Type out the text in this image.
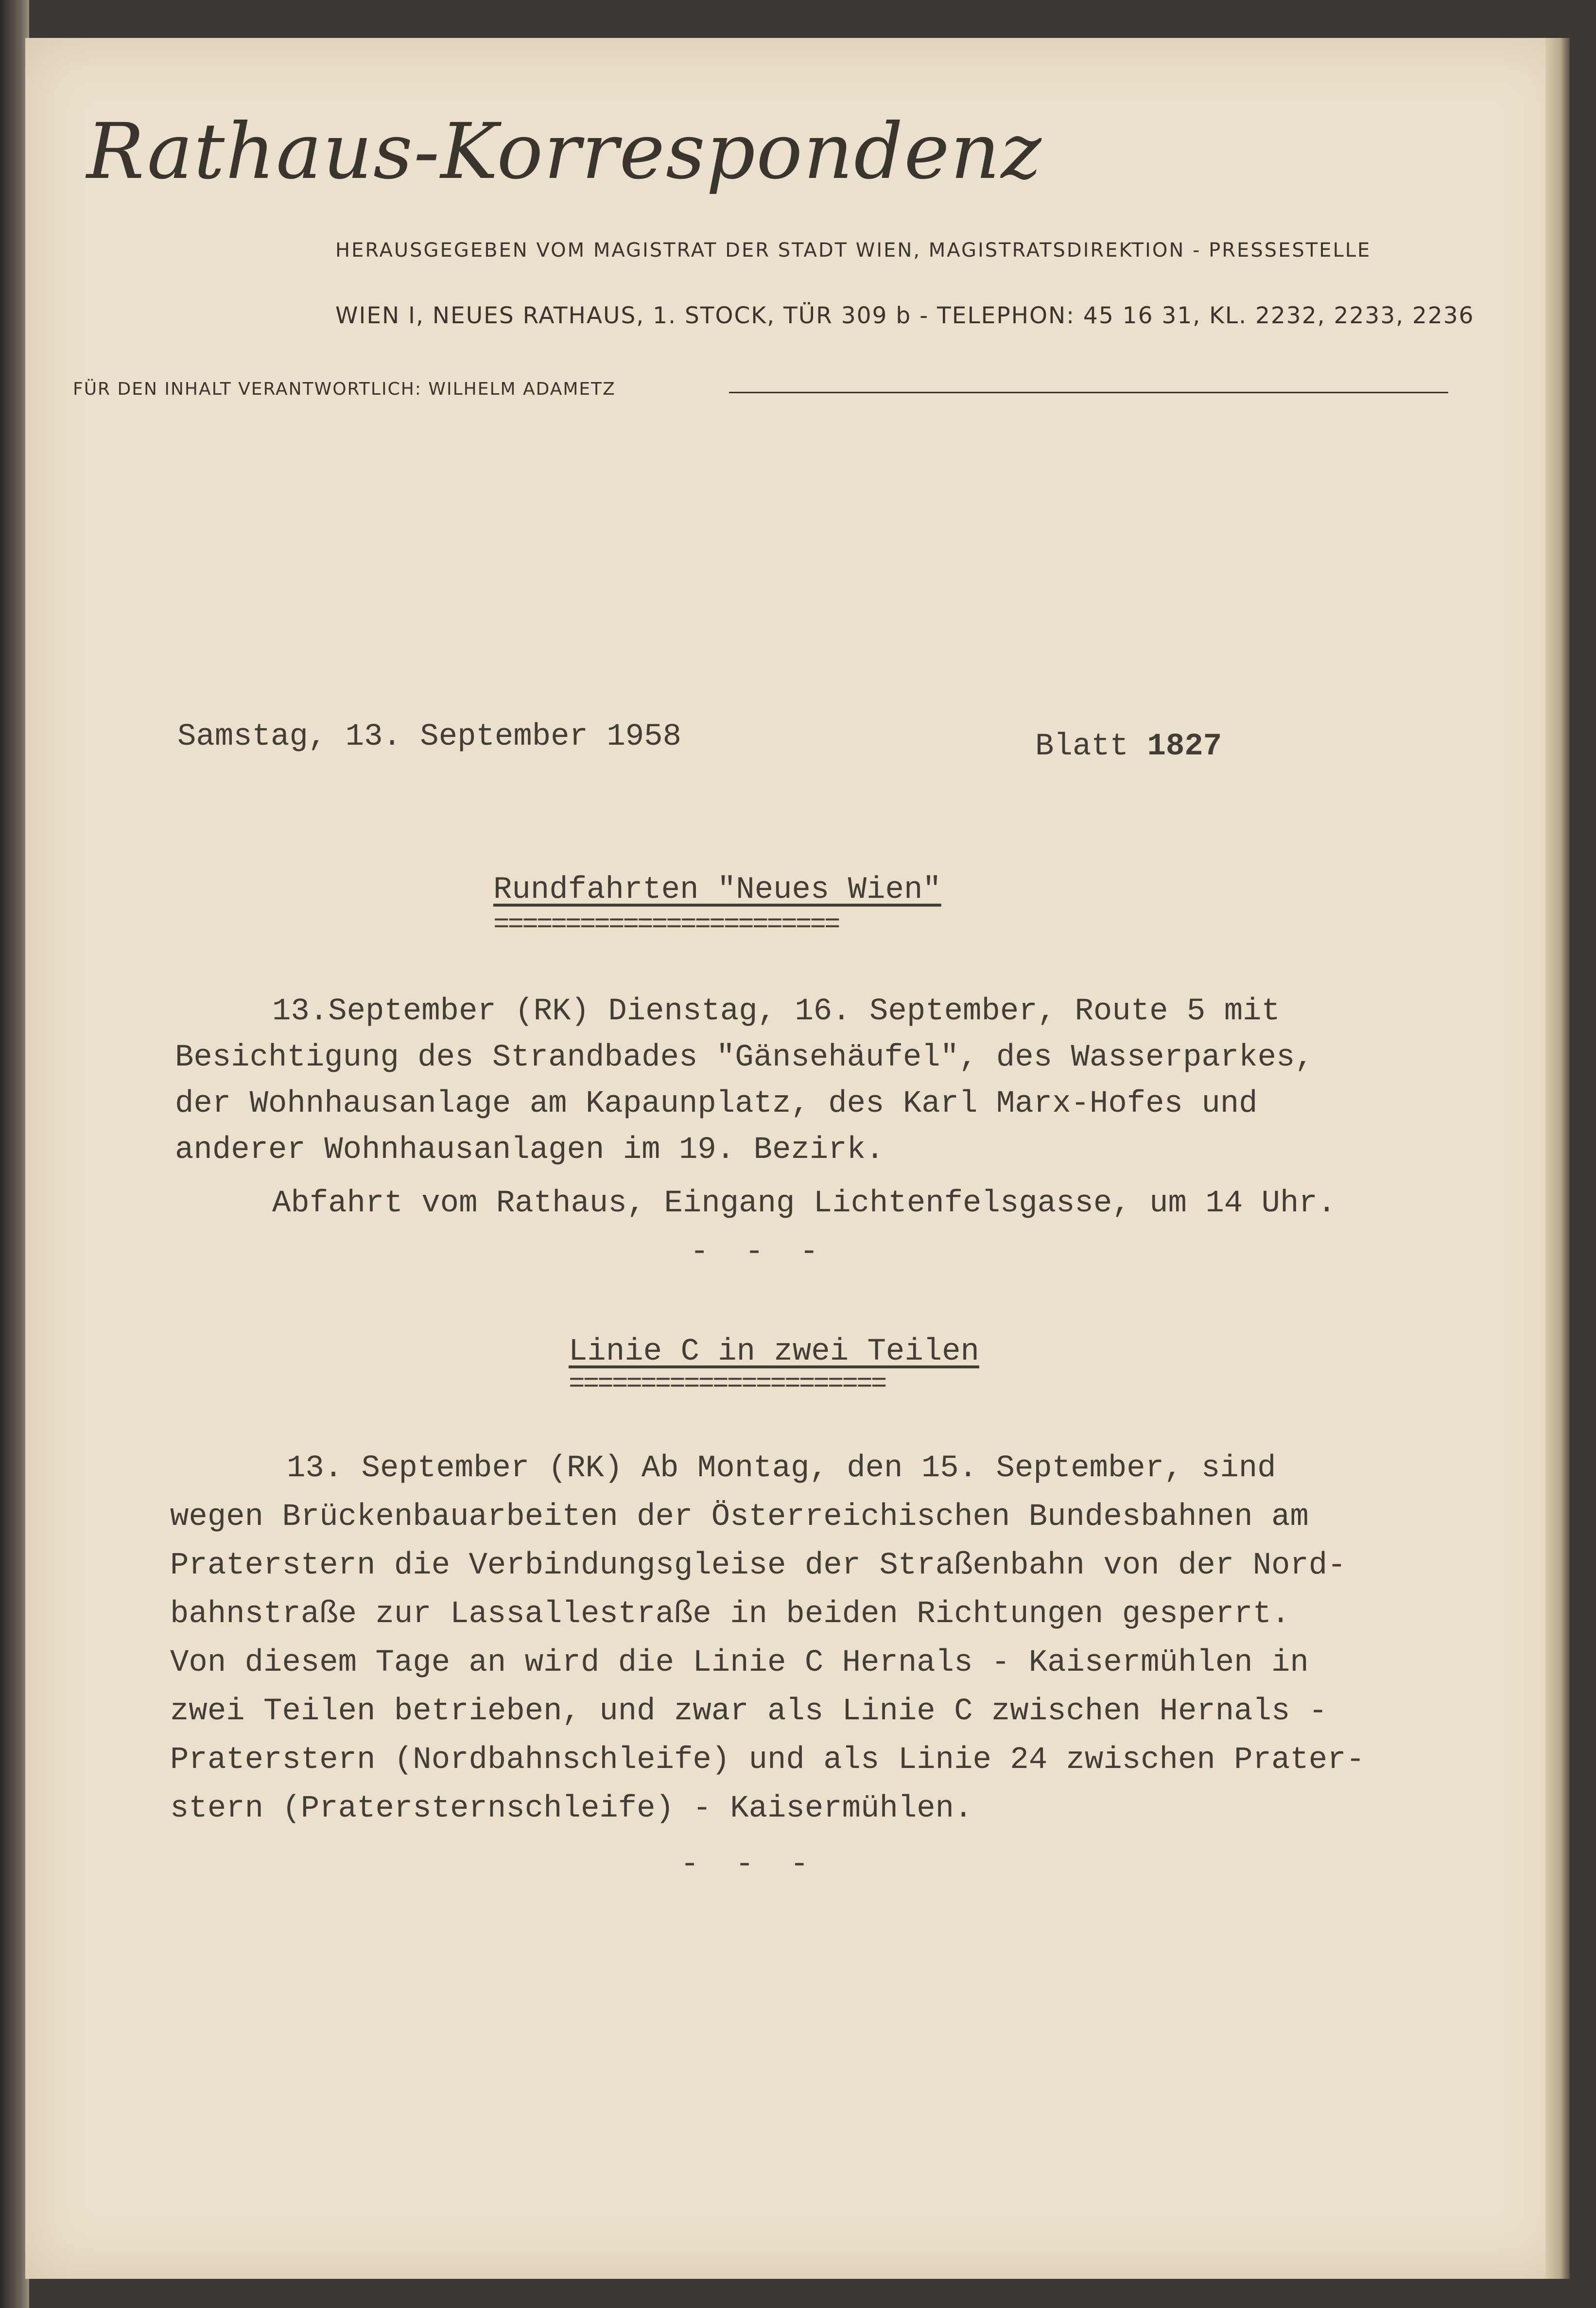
Rathaus-Korrespondenz
HERAUSGEGEBEN VOM MAGISTRAT DER STADT WIEN, MAGISTRATSDIREKTION - PRESSESTELLE
WIEN I, NEUES RATHAUS, 1. STOCK, TÜR 309 b - TELEPHON: 45 16 31, KL. 2232, 2233, 2236
FÜR DEN INHALT VERANTWORTLICH: WILHELM ADAMETZ
Samstag, 13. September 1958	Blatt 1827
Rundfahrten "Neues Wien"
========================
13.September (RK) Dienstag, 16. September, Route 5 mit
Besichtigung des Strandbades "Gänsehäufel", des Wasserparkes,
der Wohnhausanlage am Kapaunplatz, des Karl Marx-Hofes und
anderer Wohnhausanlagen im 19. Bezirk.
Abfahrt vom Rathaus, Eingang Lichtenfelsgasse, um 14 Uhr.
- - -
Linie C in zwei Teilen
======================
13. September (RK) Ab Montag, den 15. September, sind
wegen Brückenbauarbeiten der Österreichischen Bundesbahnen am
Praterstern die Verbindungsgleise der Straßenbahn von der Nord-
bahnstraße zur Lassallestraße in beiden Richtungen gesperrt.
Von diesem Tage an wird die Linie C Hernals - Kaisermühlen in
zwei Teilen betrieben, und zwar als Linie C zwischen Hernals -
Praterstern (Nordbahnschleife) und als Linie 24 zwischen Prater-
stern (Pratersternschleife) - Kaisermühlen.
- - -
